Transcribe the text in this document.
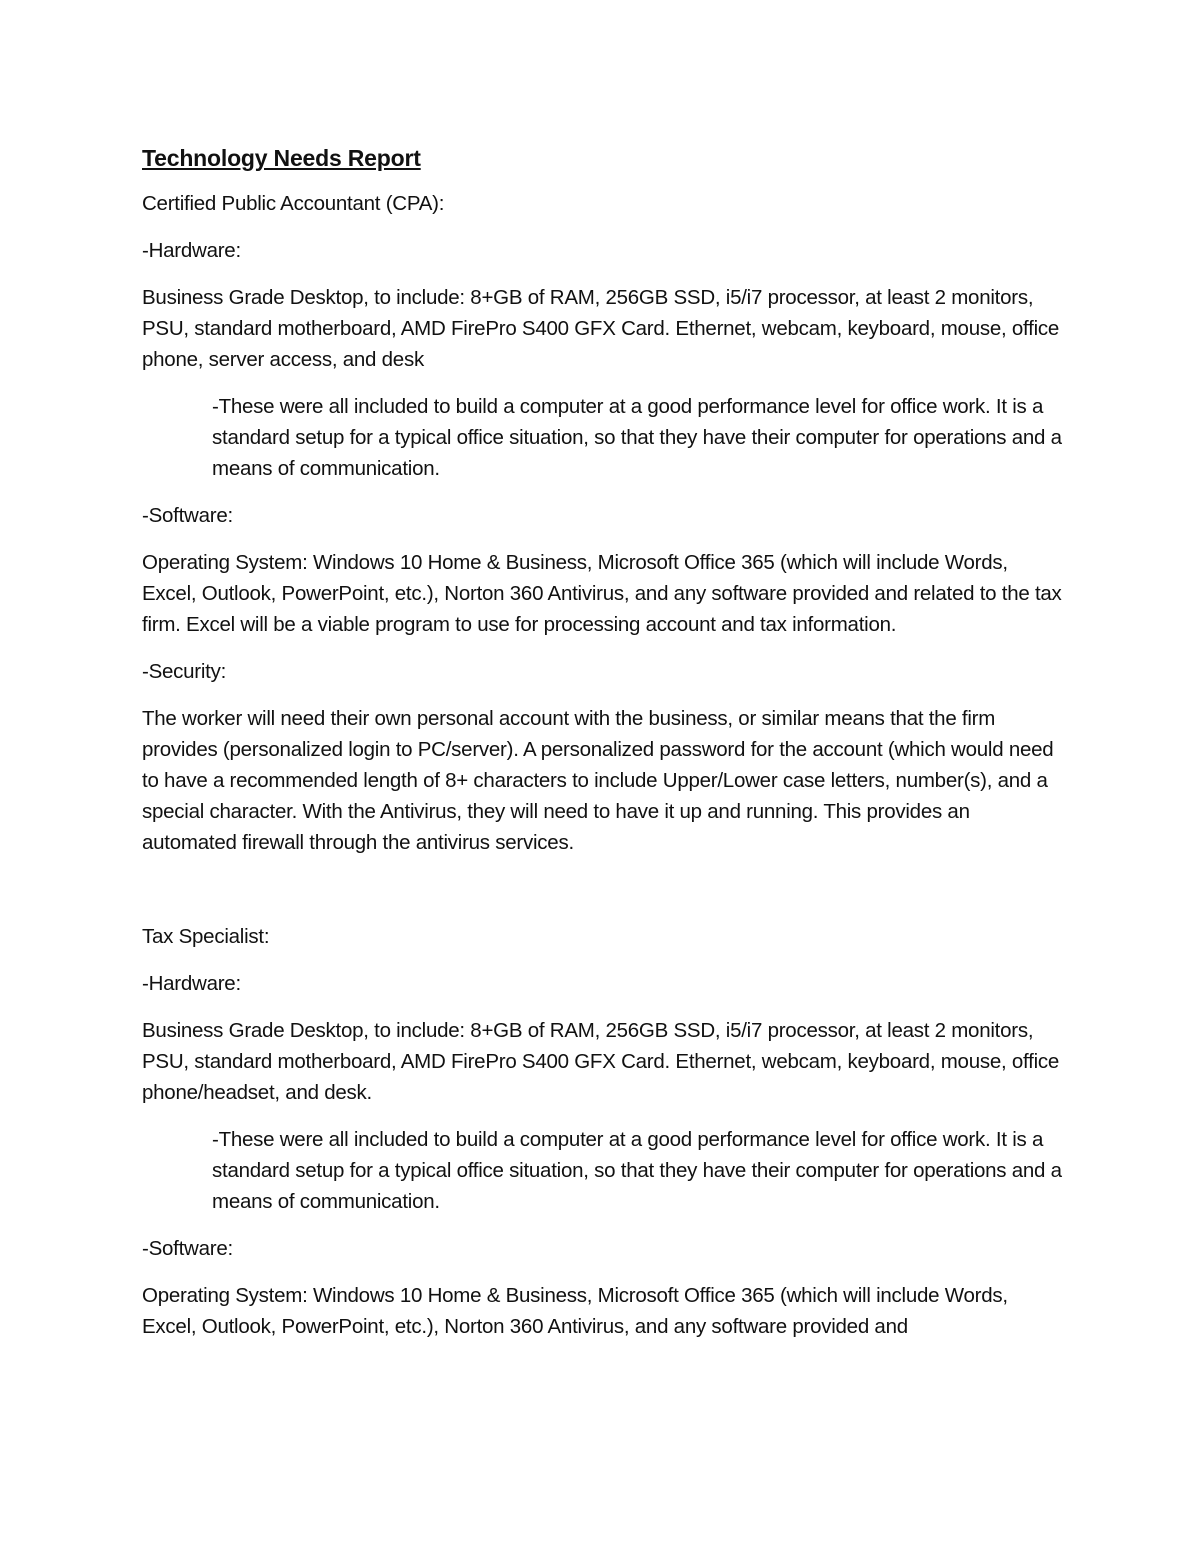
Technology Needs Report
Certified Public Accountant (CPA):
-Hardware:
Business Grade Desktop, to include: 8+GB of RAM, 256GB SSD, i5/i7 processor, at least 2 monitors, PSU, standard motherboard, AMD FirePro S400 GFX Card. Ethernet, webcam, keyboard, mouse, office phone, server access, and desk
-These were all included to build a computer at a good performance level for office work. It is a standard setup for a typical office situation, so that they have their computer for operations and a means of communication.
-Software:
Operating System: Windows 10 Home & Business, Microsoft Office 365 (which will include Words, Excel, Outlook, PowerPoint, etc.), Norton 360 Antivirus, and any software provided and related to the tax firm. Excel will be a viable program to use for processing account and tax information.
-Security:
The worker will need their own personal account with the business, or similar means that the firm provides (personalized login to PC/server). A personalized password for the account (which would need to have a recommended length of 8+ characters to include Upper/Lower case letters, number(s), and a special character. With the Antivirus, they will need to have it up and running. This provides an automated firewall through the antivirus services.
Tax Specialist:
-Hardware:
Business Grade Desktop, to include: 8+GB of RAM, 256GB SSD, i5/i7 processor, at least 2 monitors, PSU, standard motherboard, AMD FirePro S400 GFX Card. Ethernet, webcam, keyboard, mouse, office phone/headset, and desk.
-These were all included to build a computer at a good performance level for office work. It is a standard setup for a typical office situation, so that they have their computer for operations and a means of communication.
-Software:
Operating System: Windows 10 Home & Business, Microsoft Office 365 (which will include Words, Excel, Outlook, PowerPoint, etc.), Norton 360 Antivirus, and any software provided and
